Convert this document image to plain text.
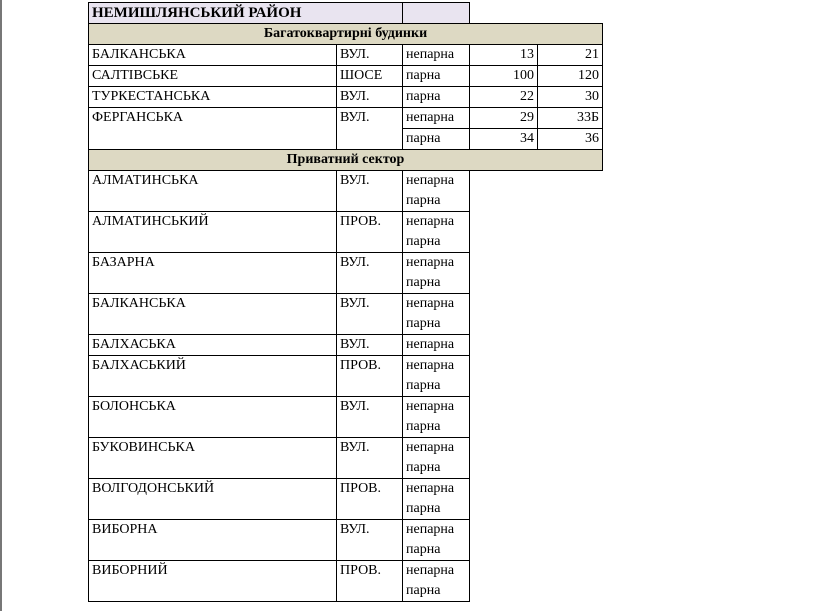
НЕМИШЛЯНСЬКИЙ РАЙОН				
Багатоквартирні будинки				
БАЛКАНСЬКА	ВУЛ.	непарна	13	21
САЛТІВСЬКЕ	ШОСЕ	парна	100	120
ТУРКЕСТАНСЬКА	ВУЛ.	парна	22	30
ФЕРГАНСЬКА	ВУЛ.	непарна	29	33Б
		парна	34	36
Приватний сектор				
АЛМАТИНСЬКА	ВУЛ.	непарна		
		парна		
АЛМАТИНСЬКИЙ	ПРОВ.	непарна		
		парна		
БАЗАРНА	ВУЛ.	непарна		
		парна		
БАЛКАНСЬКА	ВУЛ.	непарна		
		парна		
БАЛХАСЬКА	ВУЛ.	непарна		
БАЛХАСЬКИЙ	ПРОВ.	непарна		
		парна		
БОЛОНСЬКА	ВУЛ.	непарна		
		парна		
БУКОВИНСЬКА	ВУЛ.	непарна		
		парна		
ВОЛГОДОНСЬКИЙ	ПРОВ.	непарна		
		парна		
ВИБОРНА	ВУЛ.	непарна		
		парна		
ВИБОРНИЙ	ПРОВ.	непарна		
		парна		
